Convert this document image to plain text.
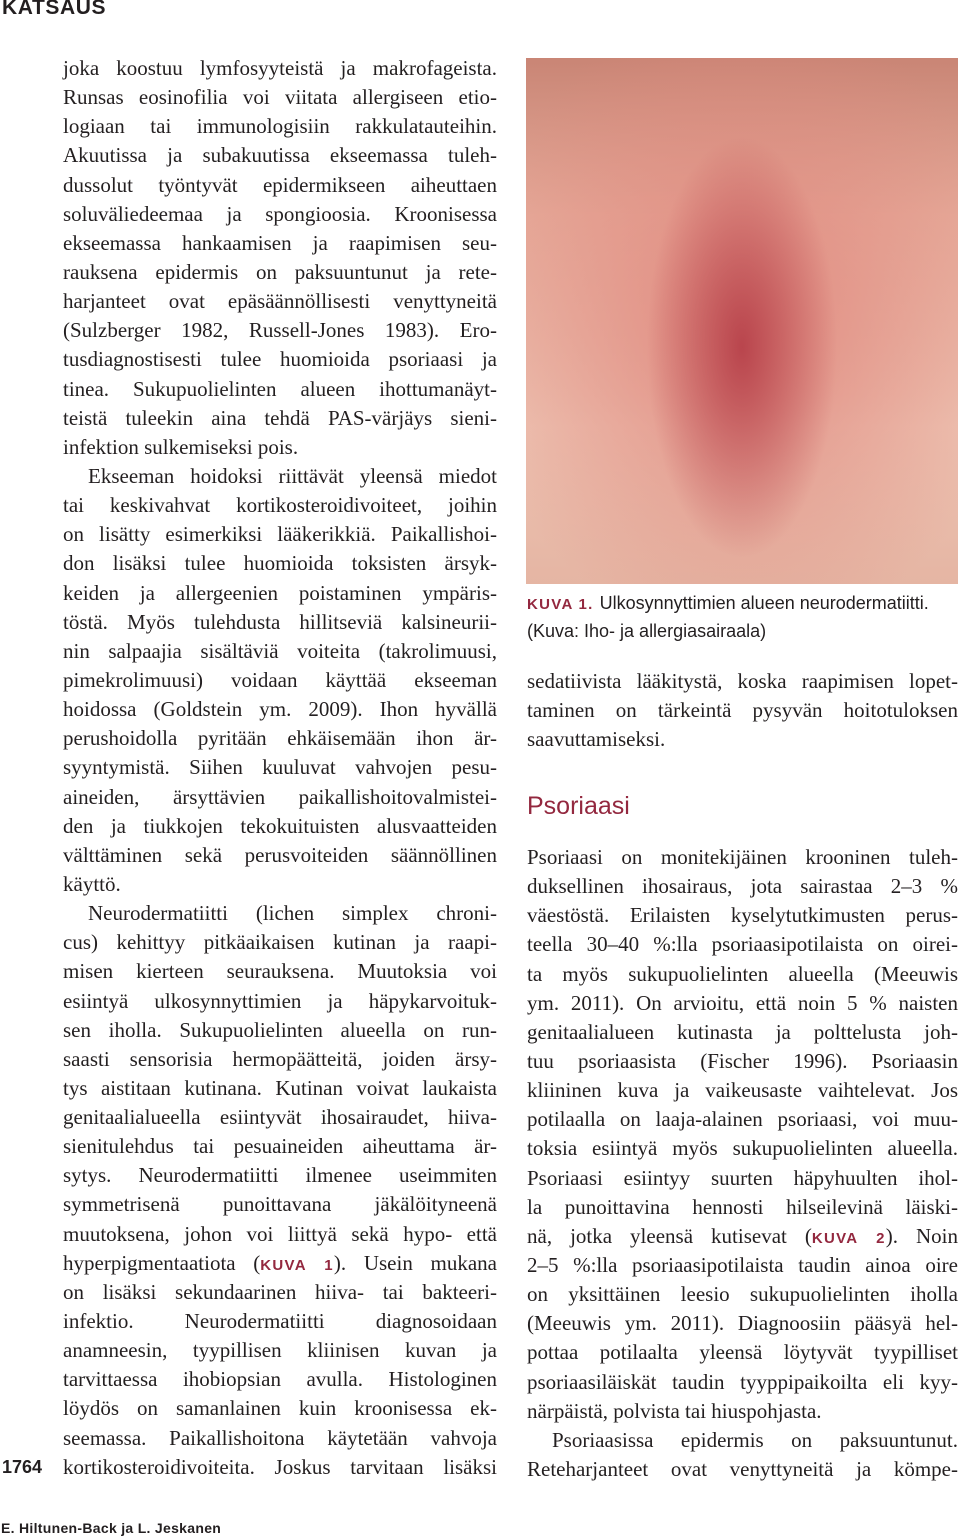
KATSAUS
joka koostuu lymfosyyteistä ja makrofageista.
Runsas eosinofilia voi viitata allergiseen etio-
logiaan tai immunologisiin rakkulatauteihin.
Akuutissa ja subakuutissa ekseemassa tuleh-
dussolut työntyvät epidermikseen aiheuttaen
soluväliedeemaa ja spongioosia. Kroonisessa
ekseemassa hankaamisen ja raapimisen seu-
rauksena epidermis on paksuuntunut ja rete-
harjanteet ovat epäsäännöllisesti venyttyneitä
(Sulzberger 1982, Russell-Jones 1983). Ero-
tusdiagnostisesti tulee huomioida psoriaasi ja
tinea. Sukupuolielinten alueen ihottumanäyt-
teistä tuleekin aina tehdä PAS-värjäys sieni-
infektion sulkemiseksi pois.
Ekseeman hoidoksi riittävät yleensä miedot
tai keskivahvat kortikosteroidivoiteet, joihin
on lisätty esimerkiksi lääkerikkiä. Paikallishoi-
don lisäksi tulee huomioida toksisten ärsyk-
keiden ja allergeenien poistaminen ympäris-
töstä. Myös tulehdusta hillitseviä kalsineurii-
nin salpaajia sisältäviä voiteita (takrolimuusi,
pimekrolimuusi) voidaan käyttää ekseeman
hoidossa (Goldstein ym. 2009). Ihon hyvällä
perushoidolla pyritään ehkäisemään ihon är-
syyntymistä. Siihen kuuluvat vahvojen pesu-
aineiden, ärsyttävien paikallishoitovalmistei-
den ja tiukkojen tekokuituisten alusvaatteiden
välttäminen sekä perusvoiteiden säännöllinen
käyttö.
Neurodermatiitti (lichen simplex chroni-
cus) kehittyy pitkäaikaisen kutinan ja raapi-
misen kierteen seurauksena. Muutoksia voi
esiintyä ulkosynnyttimien ja häpykarvoituk-
sen iholla. Sukupuolielinten alueella on run-
saasti sensorisia hermopäätteitä, joiden ärsy-
tys aistitaan kutinana. Kutinan voivat laukaista
genitaalialueella esiintyvät ihosairaudet, hiiva-
sienitulehdus tai pesuaineiden aiheuttama är-
sytys. Neurodermatiitti ilmenee useimmiten
symmetrisenä punoittavana jäkälöityneenä
muutoksena, johon voi liittyä sekä hypo- että
hyperpigmentaatiota (KUVA 1). Usein mukana
on lisäksi sekundaarinen hiiva- tai bakteeri-
infektio. Neurodermatiitti diagnosoidaan
anamneesin, tyypillisen kliinisen kuvan ja
tarvittaessa ihobiopsian avulla. Histologinen
löydös on samanlainen kuin kroonisessa ek-
seemassa. Paikallishoitona käytetään vahvoja
kortikosteroidivoiteita. Joskus tarvitaan lisäksi
KUVA 1. Ulkosynnyttimien alueen neurodermatiitti.
(Kuva: Iho- ja allergiasairaala)
sedatiivista lääkitystä, koska raapimisen lopet-
taminen on tärkeintä pysyvän hoitotuloksen
saavuttamiseksi.
Psoriaasi
Psoriaasi on monitekijäinen krooninen tuleh-
duksellinen ihosairaus, jota sairastaa 2–3 %
väestöstä. Erilaisten kyselytutkimusten perus-
teella 30–40 %:lla psoriaasipotilaista on oirei-
ta myös sukupuolielinten alueella (Meeuwis
ym. 2011). On arvioitu, että noin 5 % naisten
genitaalialueen kutinasta ja polttelusta joh-
tuu psoriaasista (Fischer 1996). Psoriaasin
kliininen kuva ja vaikeusaste vaihtelevat. Jos
potilaalla on laaja-alainen psoriaasi, voi muu-
toksia esiintyä myös sukupuolielinten alueella.
Psoriaasi esiintyy suurten häpyhuulten ihol-
la punoittavina hennosti hilseilevinä läiski-
nä, jotka yleensä kutisevat (KUVA 2). Noin
2–5 %:lla psoriaasipotilaista taudin ainoa oire
on yksittäinen leesio sukupuolielinten iholla
(Meeuwis ym. 2011). Diagnoosiin pääsyä hel-
pottaa potilaalta yleensä löytyvät tyypilliset
psoriaasiläiskät taudin tyyppipaikoilta eli kyy-
närpäistä, polvista tai hiuspohjasta.
Psoriaasissa epidermis on paksuuntunut.
Reteharjanteet ovat venyttyneitä ja kömpe-
1764
E. Hiltunen-Back ja L. Jeskanen
